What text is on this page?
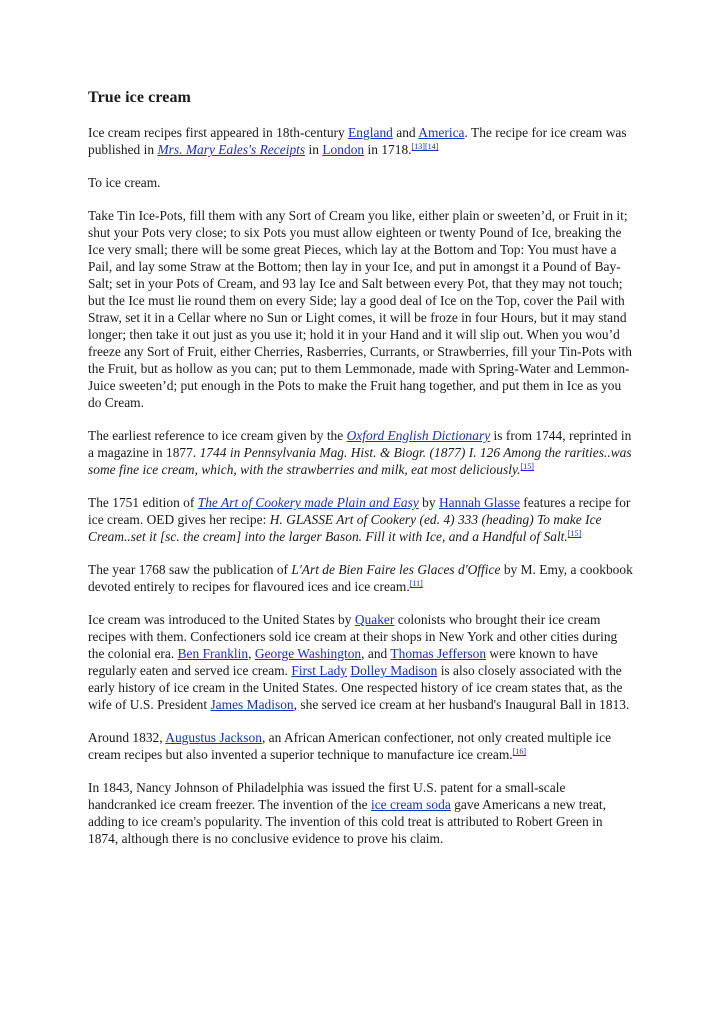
True ice cream

Ice cream recipes first appeared in 18th-century England and America. The recipe for ice cream was published in Mrs. Mary Eales's Receipts in London in 1718.[13][14]

To ice cream.

Take Tin Ice-Pots, fill them with any Sort of Cream you like, either plain or sweeten’d, or Fruit in it; shut your Pots very close; to six Pots you must allow eighteen or twenty Pound of Ice, breaking the Ice very small; there will be some great Pieces, which lay at the Bottom and Top: You must have a Pail, and lay some Straw at the Bottom; then lay in your Ice, and put in amongst it a Pound of Bay-Salt; set in your Pots of Cream, and 93 lay Ice and Salt between every Pot, that they may not touch; but the Ice must lie round them on every Side; lay a good deal of Ice on the Top, cover the Pail with Straw, set it in a Cellar where no Sun or Light comes, it will be froze in four Hours, but it may stand longer; then take it out just as you use it; hold it in your Hand and it will slip out. When you wou’d freeze any Sort of Fruit, either Cherries, Rasberries, Currants, or Strawberries, fill your Tin-Pots with the Fruit, but as hollow as you can; put to them Lemmonade, made with Spring-Water and Lemmon-Juice sweeten’d; put enough in the Pots to make the Fruit hang together, and put them in Ice as you do Cream.

The earliest reference to ice cream given by the Oxford English Dictionary is from 1744, reprinted in a magazine in 1877. 1744 in Pennsylvania Mag. Hist. & Biogr. (1877) I. 126 Among the rarities..was some fine ice cream, which, with the strawberries and milk, eat most deliciously.[15]

The 1751 edition of The Art of Cookery made Plain and Easy by Hannah Glasse features a recipe for ice cream. OED gives her recipe: H. GLASSE Art of Cookery (ed. 4) 333 (heading) To make Ice Cream..set it [sc. the cream] into the larger Bason. Fill it with Ice, and a Handful of Salt.[15]

The year 1768 saw the publication of L'Art de Bien Faire les Glaces d'Office by M. Emy, a cookbook devoted entirely to recipes for flavoured ices and ice cream.[11]

Ice cream was introduced to the United States by Quaker colonists who brought their ice cream recipes with them. Confectioners sold ice cream at their shops in New York and other cities during the colonial era. Ben Franklin, George Washington, and Thomas Jefferson were known to have regularly eaten and served ice cream. First Lady Dolley Madison is also closely associated with the early history of ice cream in the United States. One respected history of ice cream states that, as the wife of U.S. President James Madison, she served ice cream at her husband's Inaugural Ball in 1813.

Around 1832, Augustus Jackson, an African American confectioner, not only created multiple ice cream recipes but also invented a superior technique to manufacture ice cream.[16]

In 1843, Nancy Johnson of Philadelphia was issued the first U.S. patent for a small-scale handcranked ice cream freezer. The invention of the ice cream soda gave Americans a new treat, adding to ice cream's popularity. The invention of this cold treat is attributed to Robert Green in 1874, although there is no conclusive evidence to prove his claim.
